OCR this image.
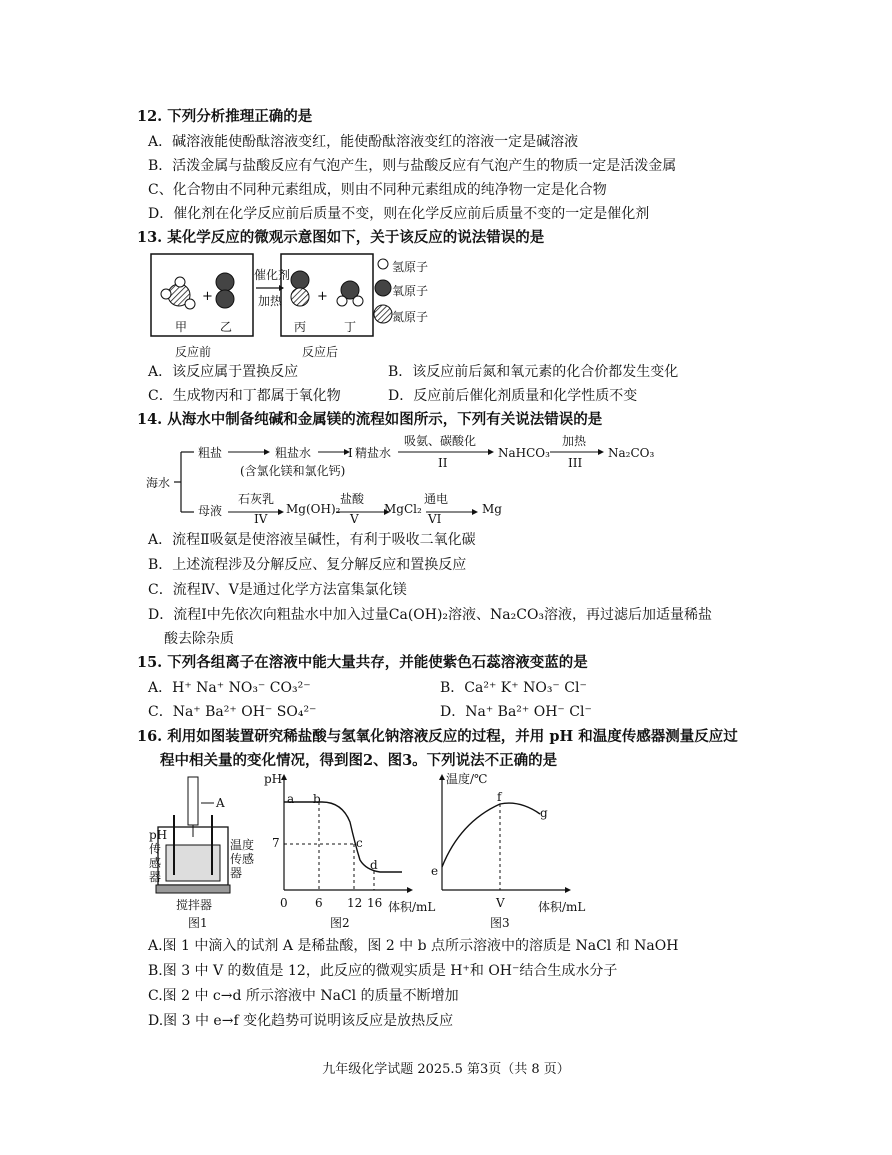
12. 下列分析推理正确的是
A．碱溶液能使酚酞溶液变红，能使酚酞溶液变红的溶液一定是碱溶液
B．活泼金属与盐酸反应有气泡产生，则与盐酸反应有气泡产生的物质一定是活泼金属
C、化合物由不同种元素组成，则由不同种元素组成的纯净物一定是化合物
D．催化剂在化学反应前后质量不变，则在化学反应前后质量不变的一定是催化剂
13. 某化学反应的微观示意图如下，关于该反应的说法错误的是
+	+
甲	乙	丙	丁
催化剂
加热
反应前	反应后
氢原子
氧原子
氮原子
A．该反应属于置换反应	B．该反应前后氮和氧元素的化合价都发生变化
C．生成物丙和丁都属于氧化物	D．反应前后催化剂质量和化学性质不变
14. 从海水中制备纯碱和金属镁的流程如图所示，下列有关说法错误的是
海水
粗盐	粗盐水
(含氯化镁和氯化钙)
I 精盐水
吸氨、碳酸化
II
NaHCO₃
加热
III
Na₂CO₃
母液
石灰乳
IV
Mg(OH)₂
盐酸
V
MgCl₂
通电
VI
Mg
A．流程Ⅱ吸氨是使溶液呈碱性，有利于吸收二氧化碳
B．上述流程涉及分解反应、复分解反应和置换反应
C．流程Ⅳ、Ⅴ是通过化学方法富集氯化镁
D．流程Ⅰ中先依次向粗盐水中加入过量Ca(OH)₂溶液、Na₂CO₃溶液，再过滤后加适量稀盐
酸去除杂质
15. 下列各组离子在溶液中能大量共存，并能使紫色石蕊溶液变蓝的是
A．H⁺ Na⁺ NO₃⁻ CO₃²⁻	B．Ca²⁺ K⁺ NO₃⁻ Cl⁻
C．Na⁺ Ba²⁺ OH⁻ SO₄²⁻	D．Na⁺ Ba²⁺ OH⁻ Cl⁻
16. 利用如图装置研究稀盐酸与氢氧化钠溶液反应的过程，并用 pH 和温度传感器测量反应过
程中相关量的变化情况，得到图2、图3。下列说法不正确的是
A
pH传感器
温度传感器
搅拌器
图1
pH
7
a b
c
d
0 6 12 16 体积/mL
图2
温度/℃
e
f
g
V	体积/mL
图3
A.图 1 中滴入的试剂 A 是稀盐酸，图 2 中 b 点所示溶液中的溶质是 NaCl 和 NaOH
B.图 3 中 V 的数值是 12，此反应的微观实质是 H⁺和 OH⁻结合生成水分子
C.图 2 中 c→d 所示溶液中 NaCl 的质量不断增加
D.图 3 中 e→f 变化趋势可说明该反应是放热反应
九年级化学试题 2025.5 第3页（共 8 页）
